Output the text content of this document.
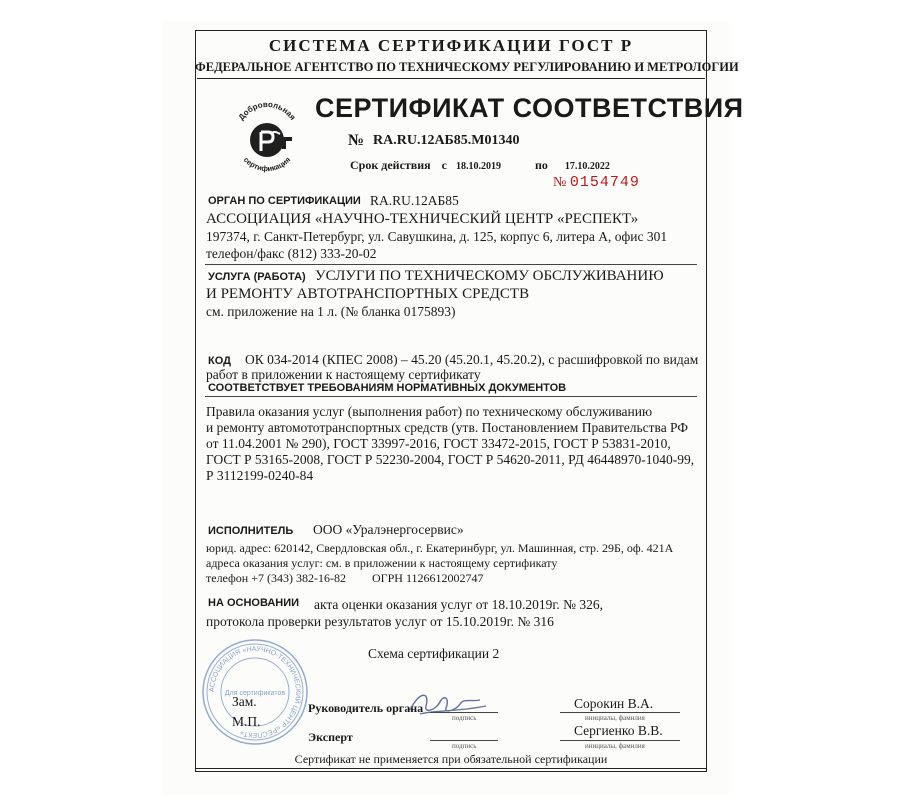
СИСТЕМА СЕРТИФИКАЦИИ ГОСТ Р
ФЕДЕРАЛЬНОЕ АГЕНТСТВО ПО ТЕХНИЧЕСКОМУ РЕГУЛИРОВАНИЮ И МЕТРОЛОГИИ
Добровольная
сертификация
СЕРТИФИКАТ СООТВЕТСТВИЯ
№ RA.RU.12АБ85.М01340
Срок действия с 18.10.2019	по 17.10.2022
№ 0154749
ОРГАН ПО СЕРТИФИКАЦИИ RA.RU.12АБ85
АССОЦИАЦИЯ «НАУЧНО-ТЕХНИЧЕСКИЙ ЦЕНТР «РЕСПЕКТ»
197374, г. Санкт-Петербург, ул. Савушкина, д. 125, корпус 6, литера А, офис 301
телефон/факс (812) 333-20-02
УСЛУГА (РАБОТА) УСЛУГИ ПО ТЕХНИЧЕСКОМУ ОБСЛУЖИВАНИЮ
И РЕМОНТУ АВТОТРАНСПОРТНЫХ СРЕДСТВ
см. приложение на 1 л. (№ бланка 0175893)
КОД ОК 034-2014 (КПЕС 2008) – 45.20 (45.20.1, 45.20.2), с расшифровкой по видам
работ в приложении к настоящему сертификату
СООТВЕТСТВУЕТ ТРЕБОВАНИЯМ НОРМАТИВНЫХ ДОКУМЕНТОВ
Правила оказания услуг (выполнения работ) по техническому обслуживанию
и ремонту автомототранспортных средств (утв. Постановлением Правительства РФ
от 11.04.2001 № 290), ГОСТ 33997-2016, ГОСТ 33472-2015, ГОСТ Р 53831-2010,
ГОСТ Р 53165-2008, ГОСТ Р 52230-2004, ГОСТ Р 54620-2011, РД 46448970-1040-99,
Р 3112199-0240-84
ИСПОЛНИТЕЛЬ ООО «Уралэнергосервис»
юрид. адрес: 620142, Свердловская обл., г. Екатеринбург, ул. Машинная, стр. 29Б, оф. 421А
адреса оказания услуг: см. в приложении к настоящему сертификату
телефон +7 (343) 382-16-82 ОГРН 1126612002747
НА ОСНОВАНИИ акта оценки оказания услуг от 18.10.2019г. № 326,
протокола проверки результатов услуг от 15.10.2019г. № 316
Схема сертификации 2
АССОЦИАЦИЯ «НАУЧНО-ТЕХНИЧЕСКИЙ ЦЕНТР «РЕСПЕКТ»
Для сертификатов
Зам.
М.П.
Руководитель органа
подпись
Сорокин В.А.
инициалы, фамилия
Эксперт
подпись
Сергиенко В.В.
инициалы, фамилия
Сертификат не применяется при обязательной сертификации
